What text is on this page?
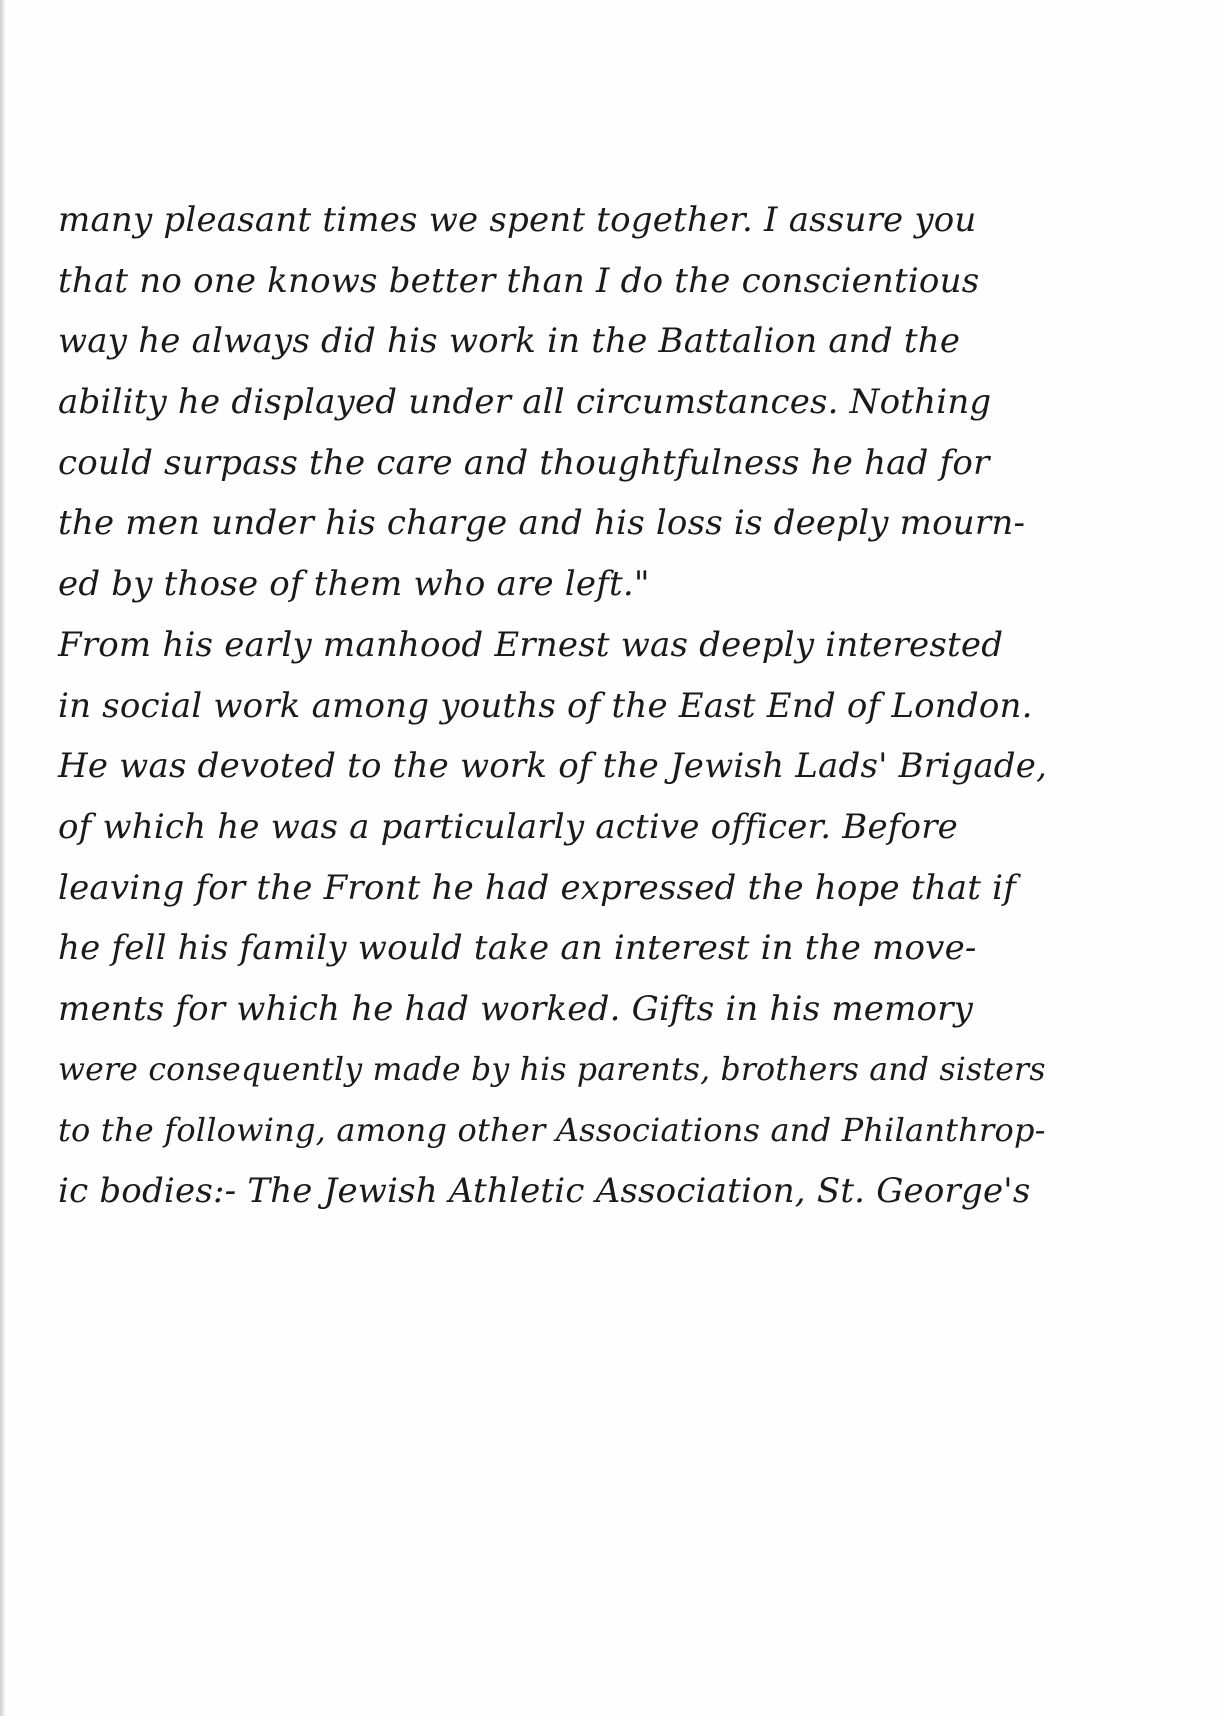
many pleasant times we spent together. I assure you
that no one knows better than I do the conscientious
way he always did his work in the Battalion and the
ability he displayed under all circumstances. Nothing
could surpass the care and thoughtfulness he had for
the men under his charge and his loss is deeply mourn-
ed by those of them who are left."
From his early manhood Ernest was deeply interested
in social work among youths of the East End of London.
He was devoted to the work of the Jewish Lads' Brigade,
of which he was a particularly active officer. Before
leaving for the Front he had expressed the hope that if
he fell his family would take an interest in the move-
ments for which he had worked. Gifts in his memory
were consequently made by his parents, brothers and sisters
to the following, among other Associations and Philanthrop-
ic bodies:- The Jewish Athletic Association, St. George's
